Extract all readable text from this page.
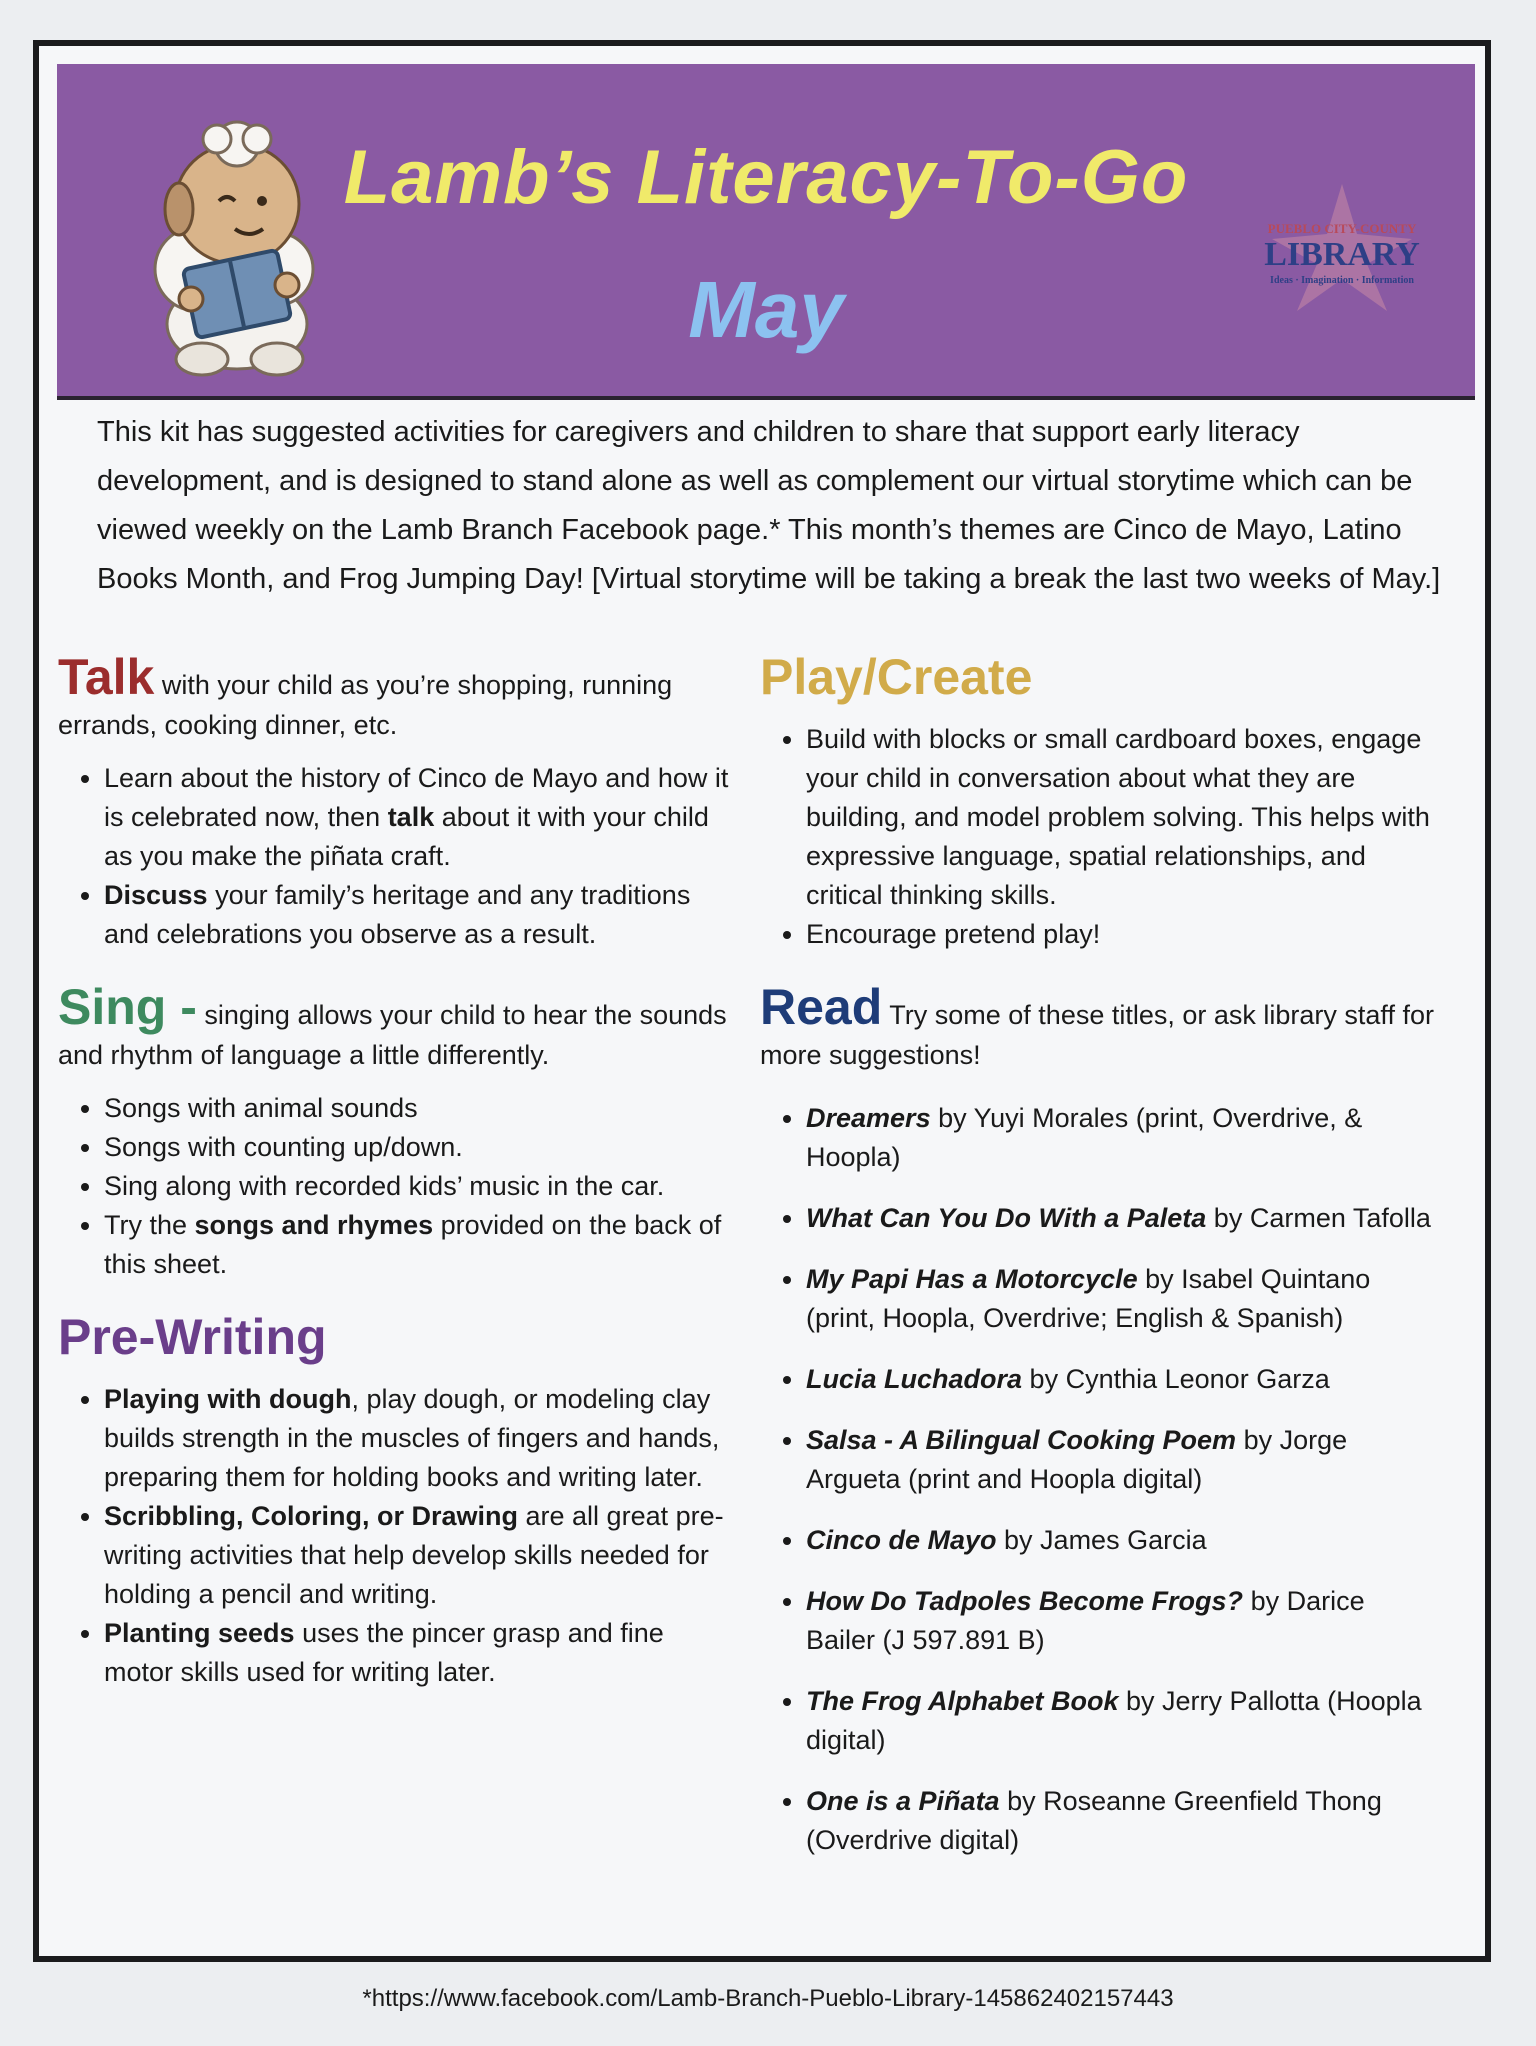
Lamb’s Literacy-To-Go
May
PUEBLO CITY-COUNTY
LIBRARY
Ideas · Imagination · Information
This kit has suggested activities for caregivers and children to share that support early literacy development, and is designed to stand alone as well as complement our virtual storytime which can be viewed weekly on the Lamb Branch Facebook page.* This month’s themes are Cinco de Mayo, Latino Books Month, and Frog Jumping Day! [Virtual storytime will be taking a break the last two weeks of May.]
Talk with your child as you’re shopping, running errands, cooking dinner, etc.
• Learn about the history of Cinco de Mayo and how it is celebrated now, then talk about it with your child as you make the piñata craft.
• Discuss your family’s heritage and any traditions and celebrations you observe as a result.
Sing - singing allows your child to hear the sounds and rhythm of language a little differently.
• Songs with animal sounds
• Songs with counting up/down.
• Sing along with recorded kids’ music in the car.
• Try the songs and rhymes provided on the back of this sheet.
Pre-Writing
• Playing with dough, play dough, or modeling clay builds strength in the muscles of fingers and hands, preparing them for holding books and writing later.
• Scribbling, Coloring, or Drawing are all great pre-writing activities that help develop skills needed for holding a pencil and writing.
• Planting seeds uses the pincer grasp and fine motor skills used for writing later.
Play/Create
• Build with blocks or small cardboard boxes, engage your child in conversation about what they are building, and model problem solving. This helps with expressive language, spatial relationships, and critical thinking skills.
• Encourage pretend play!
Read Try some of these titles, or ask library staff for more suggestions!
• Dreamers by Yuyi Morales (print, Overdrive, & Hoopla)
• What Can You Do With a Paleta by Carmen Tafolla
• My Papi Has a Motorcycle by Isabel Quintano (print, Hoopla, Overdrive; English & Spanish)
• Lucia Luchadora by Cynthia Leonor Garza
• Salsa - A Bilingual Cooking Poem by Jorge Argueta (print and Hoopla digital)
• Cinco de Mayo by James Garcia
• How Do Tadpoles Become Frogs? by Darice Bailer (J 597.891 B)
• The Frog Alphabet Book by Jerry Pallotta (Hoopla digital)
• One is a Piñata by Roseanne Greenfield Thong (Overdrive digital)
*https://www.facebook.com/Lamb-Branch-Pueblo-Library-145862402157443
